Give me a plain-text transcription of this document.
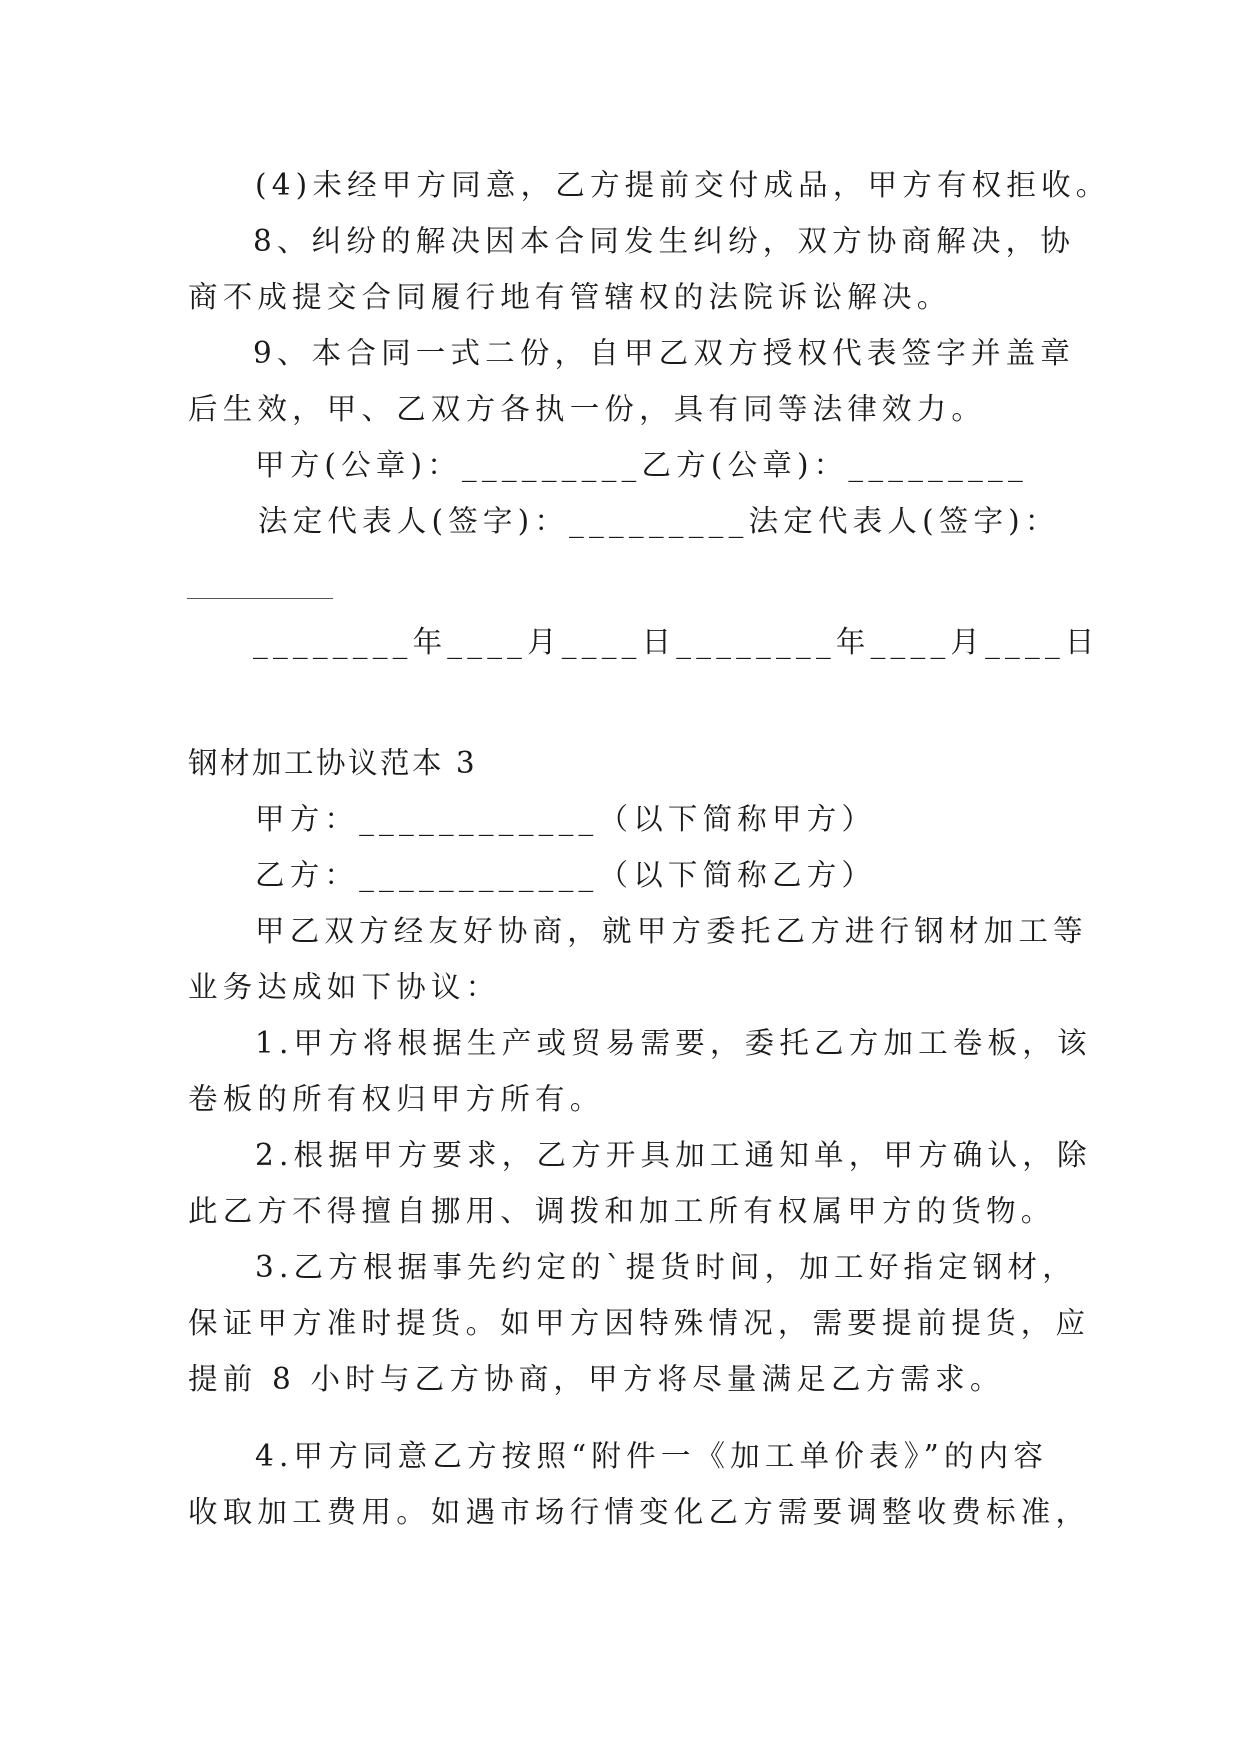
(4)未经甲方同意，乙方提前交付成品，甲方有权拒收。
8、纠纷的解决因本合同发生纠纷，双方协商解决，协
商不成提交合同履行地有管辖权的法院诉讼解决。
9、本合同一式二份，自甲乙双方授权代表签字并盖章
后生效，甲、乙双方各执一份，具有同等法律效力。
甲方(公章)：_________乙方(公章)：_________
法定代表人(签字)：_________法定代表人(签字)：
________年____月____日________年____月____日
钢材加工协议范本 3
甲方：____________（以下简称甲方）
乙方：____________（以下简称乙方）
甲乙双方经友好协商，就甲方委托乙方进行钢材加工等
业务达成如下协议：
1.甲方将根据生产或贸易需要，委托乙方加工卷板，该
卷板的所有权归甲方所有。
2.根据甲方要求，乙方开具加工通知单，甲方确认，除
此乙方不得擅自挪用、调拨和加工所有权属甲方的货物。
3.乙方根据事先约定的`提货时间，加工好指定钢材，
保证甲方准时提货。如甲方因特殊情况，需要提前提货，应
提前 8 小时与乙方协商，甲方将尽量满足乙方需求。
4.甲方同意乙方按照“附件一《加工单价表》”的内容
收取加工费用。如遇市场行情变化乙方需要调整收费标准，
